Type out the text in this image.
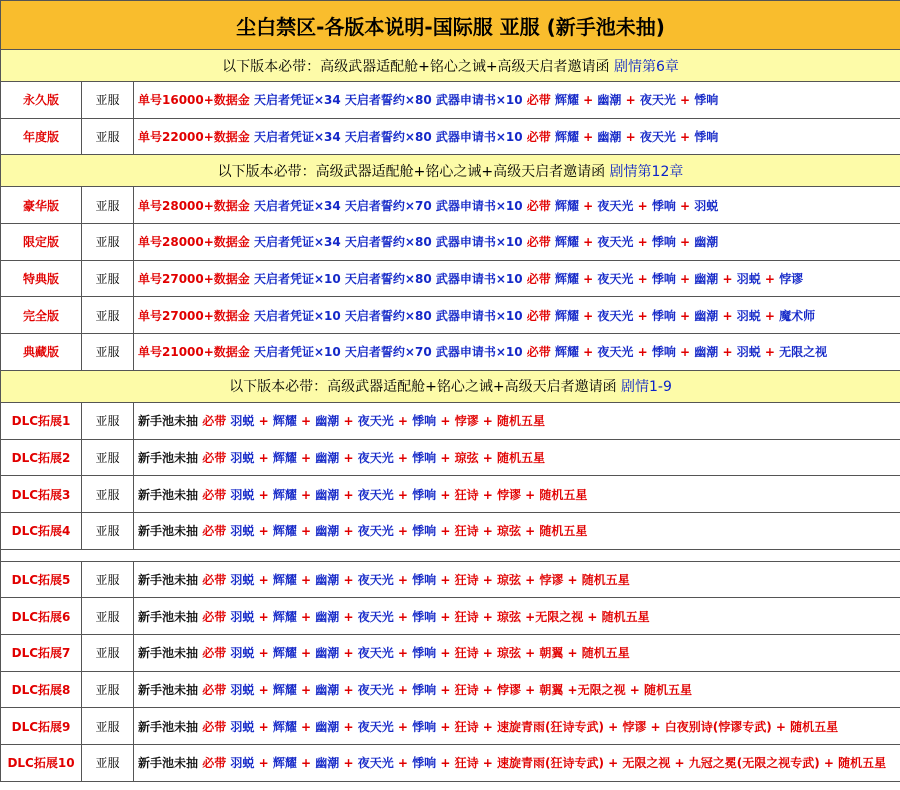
尘白禁区-各版本说明-国际服 亚服 (新手池未抽)		
以下版本必带：高级武器适配舱+铭心之诫+高级天启者邀请函 剧情第6章		
永久版	亚服	单号16000+数据金 天启者凭证×34 天启者誓约×80 武器申请书×10 必带 辉耀 + 幽潮 + 夜天光 + 悸响
年度版	亚服	单号22000+数据金 天启者凭证×34 天启者誓约×80 武器申请书×10 必带 辉耀 + 幽潮 + 夜天光 + 悸响
以下版本必带：高级武器适配舱+铭心之诫+高级天启者邀请函 剧情第12章		
豪华版	亚服	单号28000+数据金 天启者凭证×34 天启者誓约×70 武器申请书×10 必带 辉耀 + 夜天光 + 悸响 + 羽蜕
限定版	亚服	单号28000+数据金 天启者凭证×34 天启者誓约×80 武器申请书×10 必带 辉耀 + 夜天光 + 悸响 + 幽潮
特典版	亚服	单号27000+数据金 天启者凭证×10 天启者誓约×80 武器申请书×10 必带 辉耀 + 夜天光 + 悸响 + 幽潮 + 羽蜕 + 悖谬
完全版	亚服	单号27000+数据金 天启者凭证×10 天启者誓约×80 武器申请书×10 必带 辉耀 + 夜天光 + 悸响 + 幽潮 + 羽蜕 + 魔术师
典藏版	亚服	单号21000+数据金 天启者凭证×10 天启者誓约×70 武器申请书×10 必带 辉耀 + 夜天光 + 悸响 + 幽潮 + 羽蜕 + 无限之视
以下版本必带：高级武器适配舱+铭心之诫+高级天启者邀请函 剧情1-9		
DLC拓展1	亚服	新手池未抽 必带 羽蜕 + 辉耀 + 幽潮 + 夜天光 + 悸响 + 悖谬 + 随机五星
DLC拓展2	亚服	新手池未抽 必带 羽蜕 + 辉耀 + 幽潮 + 夜天光 + 悸响 + 琼弦 + 随机五星
DLC拓展3	亚服	新手池未抽 必带 羽蜕 + 辉耀 + 幽潮 + 夜天光 + 悸响 + 狂诗 + 悖谬 + 随机五星
DLC拓展4	亚服	新手池未抽 必带 羽蜕 + 辉耀 + 幽潮 + 夜天光 + 悸响 + 狂诗 + 琼弦 + 随机五星

DLC拓展5	亚服	新手池未抽 必带 羽蜕 + 辉耀 + 幽潮 + 夜天光 + 悸响 + 狂诗 + 琼弦 + 悖谬 + 随机五星
DLC拓展6	亚服	新手池未抽 必带 羽蜕 + 辉耀 + 幽潮 + 夜天光 + 悸响 + 狂诗 + 琼弦 +无限之视 + 随机五星
DLC拓展7	亚服	新手池未抽 必带 羽蜕 + 辉耀 + 幽潮 + 夜天光 + 悸响 + 狂诗 + 琼弦 + 朝翼 + 随机五星
DLC拓展8	亚服	新手池未抽 必带 羽蜕 + 辉耀 + 幽潮 + 夜天光 + 悸响 + 狂诗 + 悖谬 + 朝翼 +无限之视 + 随机五星
DLC拓展9	亚服	新手池未抽 必带 羽蜕 + 辉耀 + 幽潮 + 夜天光 + 悸响 + 狂诗 + 速旋青雨(狂诗专武) + 悖谬 + 白夜别诗(悖谬专武) + 随机五星
DLC拓展10	亚服	新手池未抽 必带 羽蜕 + 辉耀 + 幽潮 + 夜天光 + 悸响 + 狂诗 + 速旋青雨(狂诗专武) + 无限之视 + 九冠之冕(无限之视专武) + 随机五星
